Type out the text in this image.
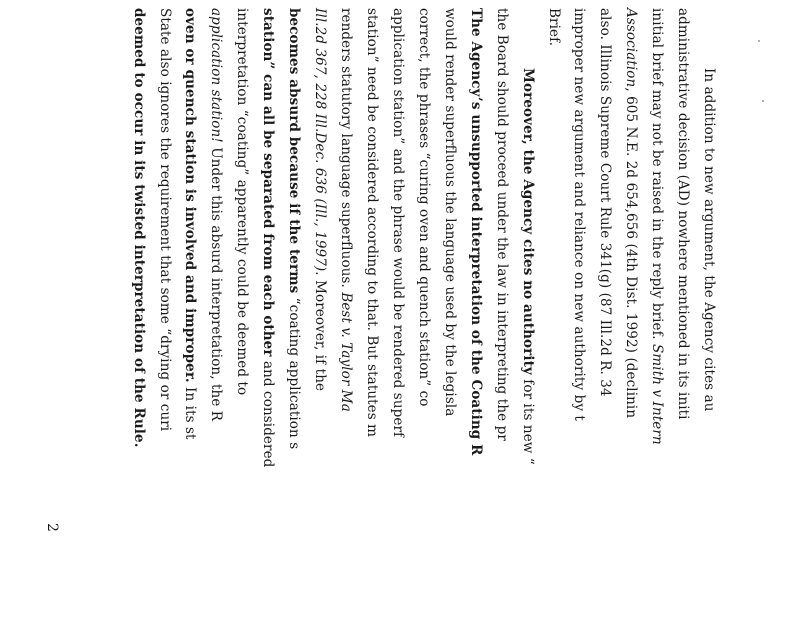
In addition to new argument, the Agency cites au
administrative decision (AD) nowhere mentioned in its initi
initial brief may not be raised in the reply brief. Smith v Intern
Association, 605 N.E. 2d 654,656 (4th Dist. 1992) (declinin
also. Illinois Supreme Court Rule 341(g) (87 Ill.2d R. 34
improper new argument and reliance on new authority by t
Brief.
Moreover, the Agency cites no authority for its new “
the Board should proceed under the law in interpreting the pr
The Agency’s unsupported interpretation of the Coating R
would render superfluous the language used by the legisla
correct, the phrases “curing oven and quench station” co
application station” and the phrase would be rendered superf
station” need be considered according to that. But statutes m
renders statutory language superfluous. Best v. Taylor Ma
Ill.2d 367, 228 Ill.Dec. 636 (Ill., 1997). Moreover, if the
becomes absurd because if the terms “coating application s
station” can all be separated from each other and considered
interpretation “coating” apparently could be deemed to
application station! Under this absurd interpretation, the R
oven or quench station is involved and improper. In its st
State also ignores the requirement that some “drying or curi
deemed to occur in its twisted interpretation of the Rule.
2
